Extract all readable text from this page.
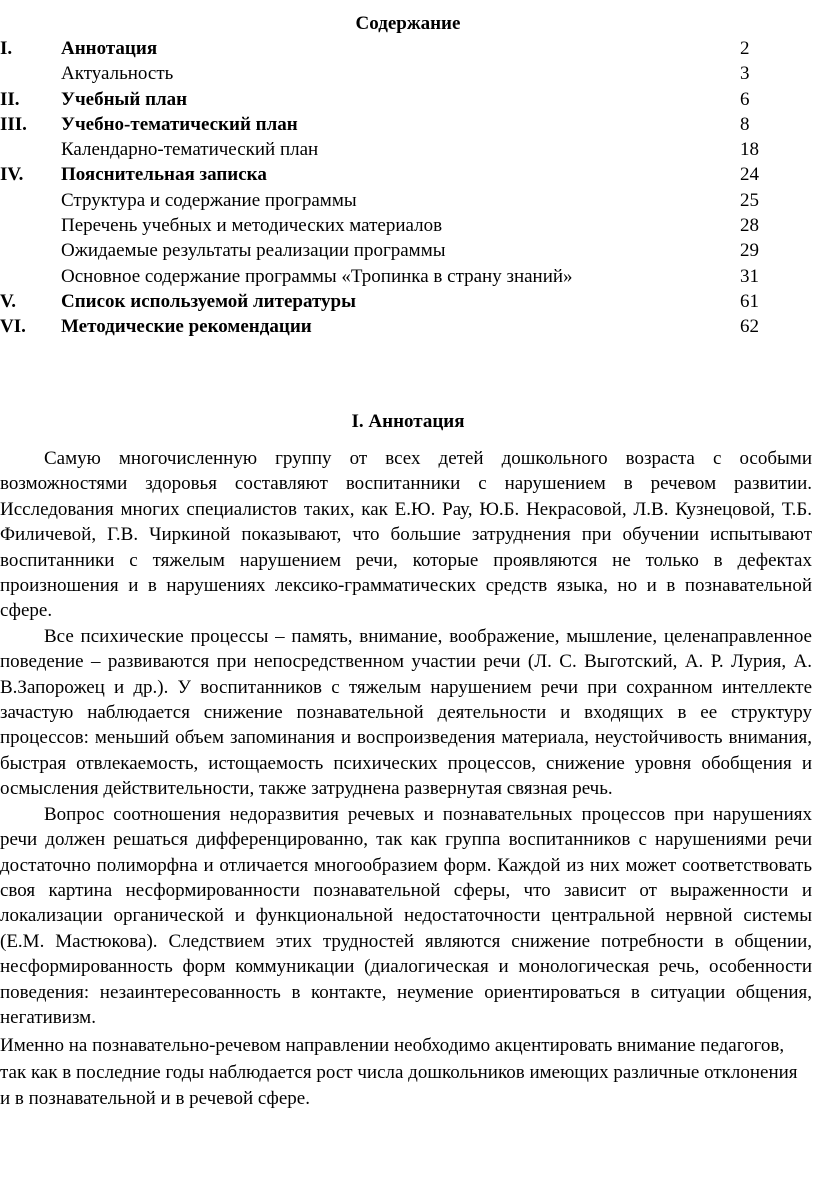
Содержание
I.	Аннотация	2
Актуальность	3
II.	Учебный план	6
III.	Учебно-тематический план	8
Календарно-тематический план	18
IV.	Пояснительная записка	24
Структура и содержание программы	25
Перечень учебных и методических материалов	28
Ожидаемые результаты реализации программы	29
Основное содержание программы «Тропинка в страну знаний»	31
V.	Список используемой литературы	61
VI.	Методические рекомендации	62
I. Аннотация

Самую многочисленную группу от всех детей дошкольного возраста с особыми возможностями здоровья составляют воспитанники с нарушением в речевом развитии. Исследования многих специалистов таких, как Е.Ю. Рау, Ю.Б. Некрасовой, Л.В. Кузнецовой, Т.Б. Филичевой, Г.В. Чиркиной показывают, что большие затруднения при обучении испытывают воспитанники с тяжелым нарушением речи, которые проявляются не только в дефектах произношения и в нарушениях лексико-грамматических средств языка, но и в познавательной сфере.

Все психические процессы – память, внимание, воображение, мышление, целенаправленное поведение – развиваются при непосредственном участии речи (Л. С. Выготский, А. Р. Лурия, А. В.Запорожец и др.). У воспитанников с тяжелым нарушением речи при сохранном интеллекте зачастую наблюдается снижение познавательной деятельности и входящих в ее структуру процессов: меньший объем запоминания и воспроизведения материала, неустойчивость внимания, быстрая отвлекаемость, истощаемость психических процессов, снижение уровня обобщения и осмысления действительности, также затруднена развернутая связная речь.

Вопрос соотношения недоразвития речевых и познавательных процессов при нарушениях речи должен решаться дифференцированно, так как группа воспитанников с нарушениями речи достаточно полиморфна и отличается многообразием форм. Каждой из них может соответствовать своя картина несформированности познавательной сферы, что зависит от выраженности и локализации органической и функциональной недостаточности центральной нервной системы (Е.М. Мастюкова). Следствием этих трудностей являются снижение потребности в общении, несформированность форм коммуникации (диалогическая и монологическая речь, особенности поведения: незаинтересованность в контакте, неумение ориентироваться в ситуации общения, негативизм.

Именно на познавательно-речевом направлении необходимо акцентировать внимание педагогов, так как в последние годы наблюдается рост числа дошкольников имеющих различные отклонения и в познавательной и в речевой сфере.
